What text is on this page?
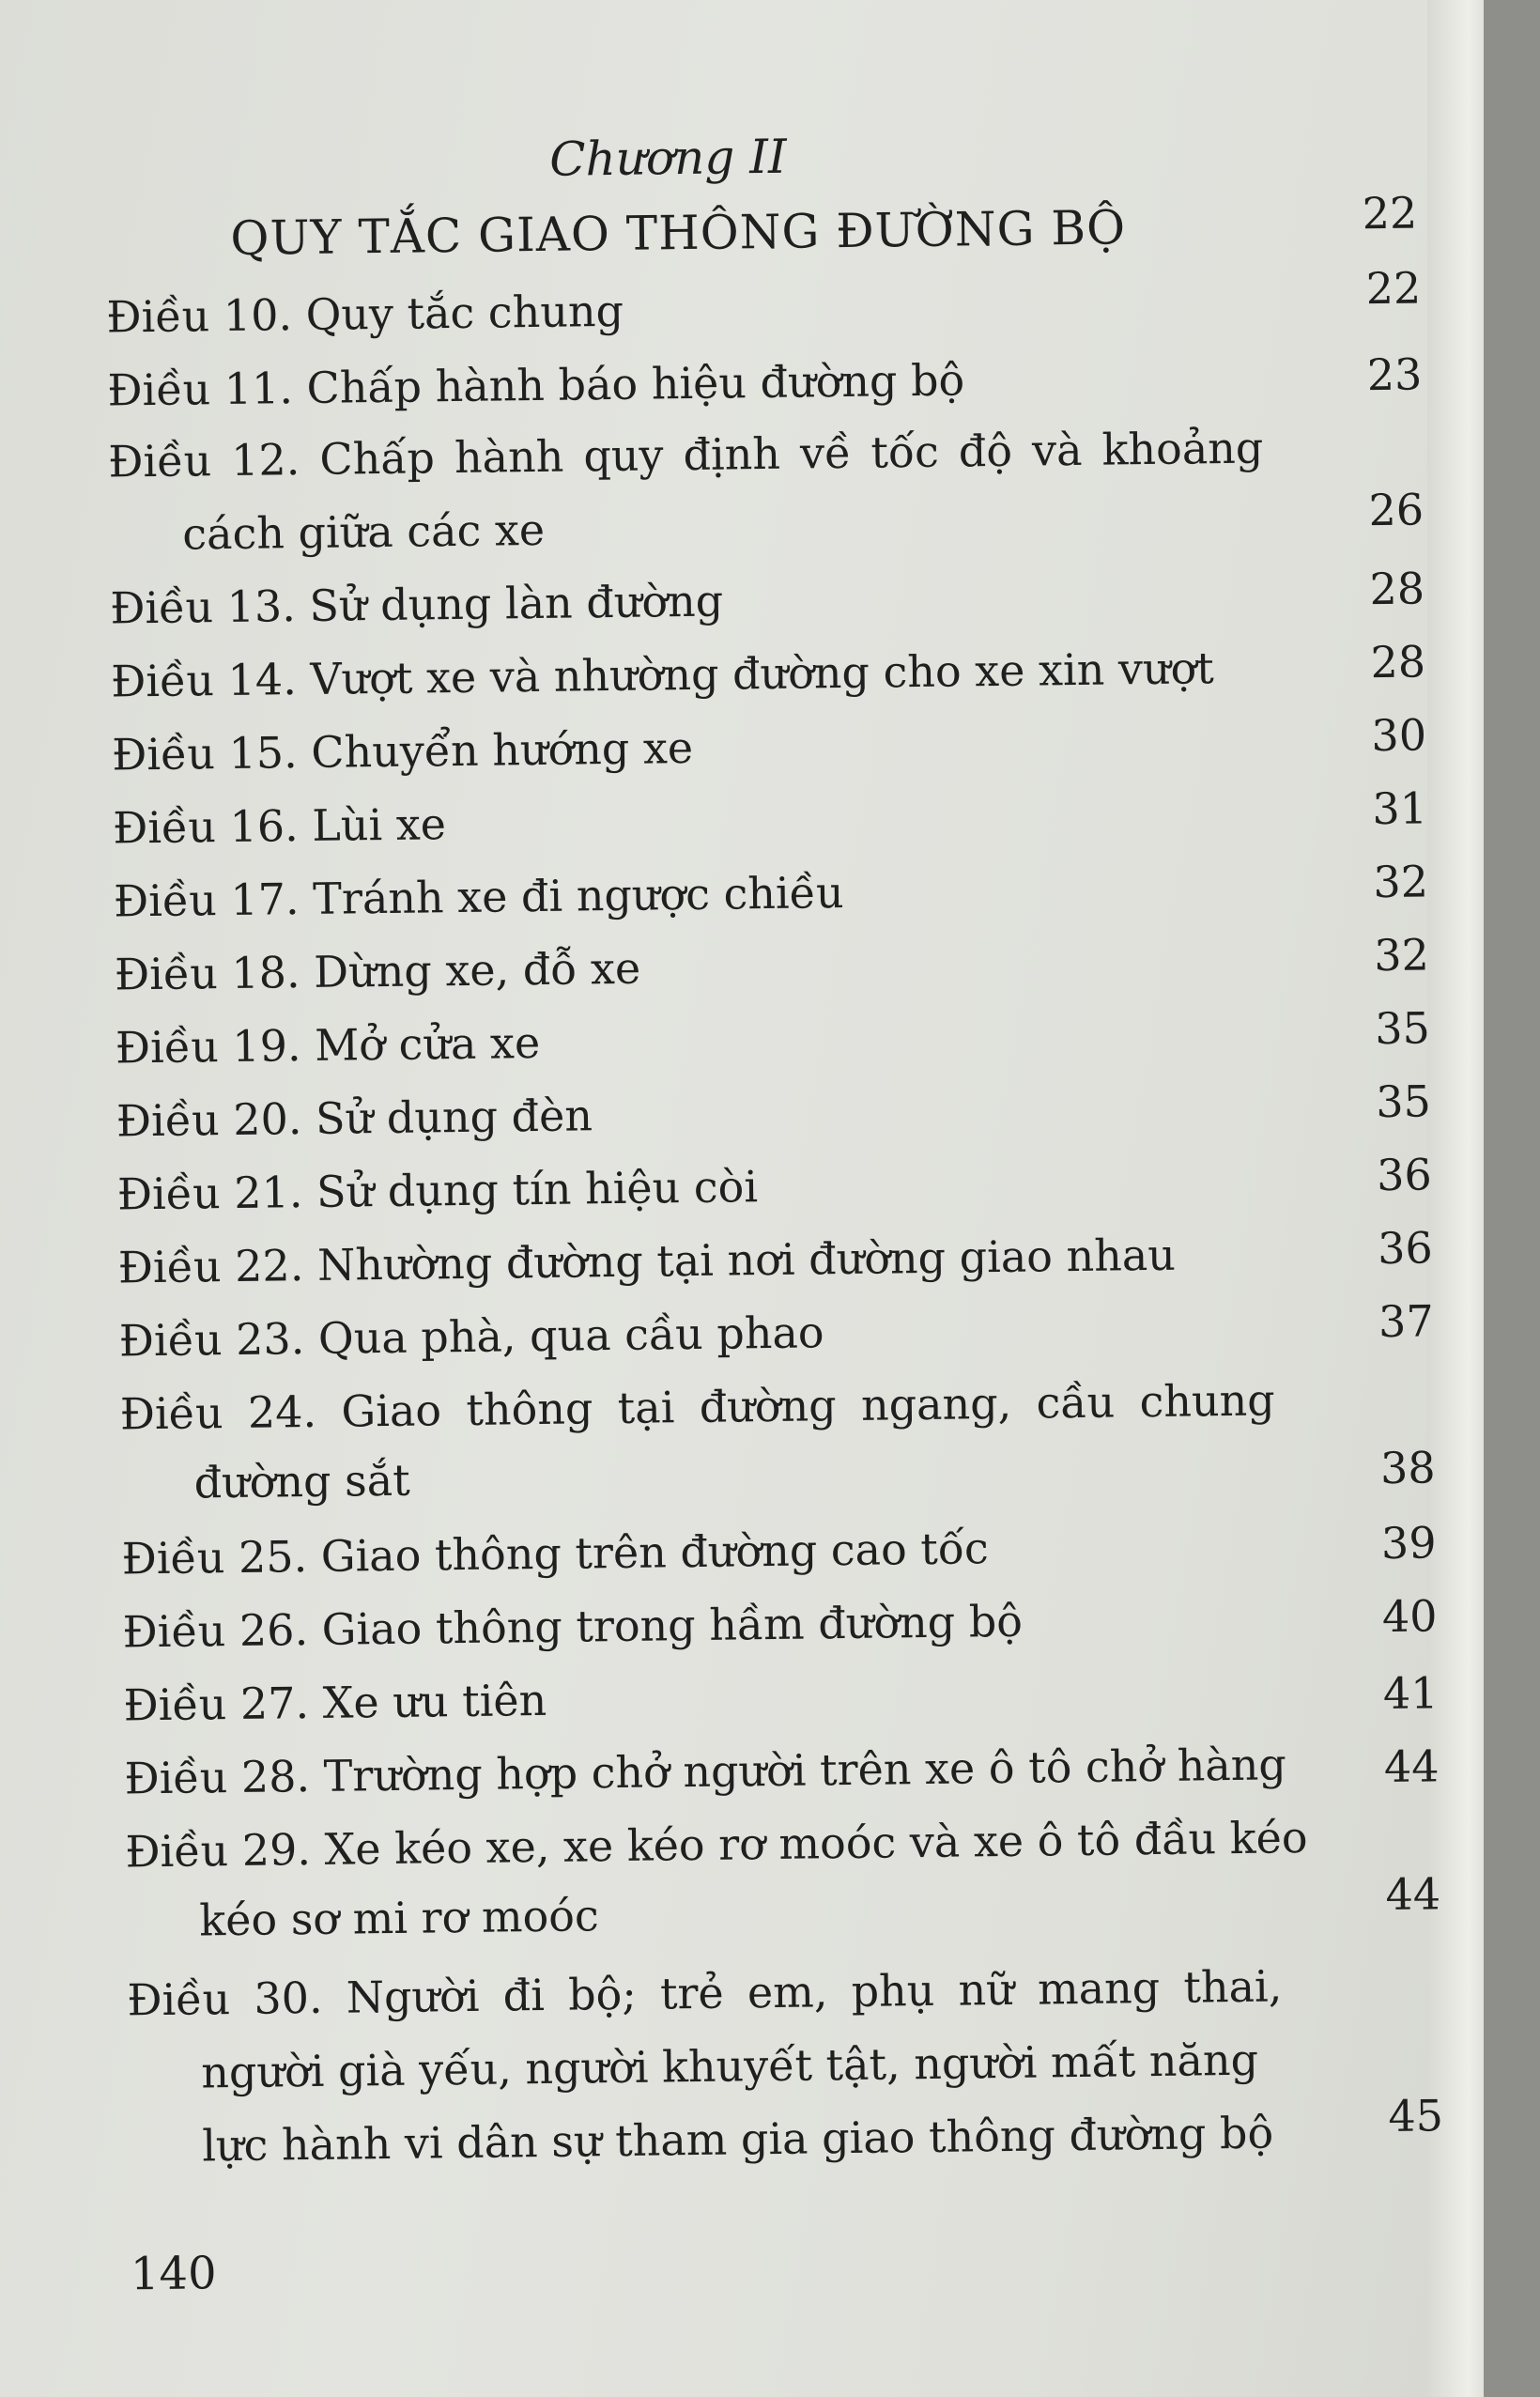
Chương II
QUY TẮC GIAO THÔNG ĐƯỜNG BỘ	22
Điều 10. Quy tắc chung	22
Điều 11. Chấp hành báo hiệu đường bộ	23
Điều 12. Chấp hành quy định về tốc độ và khoảng
cách giữa các xe	26
Điều 13. Sử dụng làn đường	28
Điều 14. Vượt xe và nhường đường cho xe xin vượt	28
Điều 15. Chuyển hướng xe	30
Điều 16. Lùi xe	31
Điều 17. Tránh xe đi ngược chiều	32
Điều 18. Dừng xe, đỗ xe	32
Điều 19. Mở cửa xe	35
Điều 20. Sử dụng đèn	35
Điều 21. Sử dụng tín hiệu còi	36
Điều 22. Nhường đường tại nơi đường giao nhau	36
Điều 23. Qua phà, qua cầu phao	37
Điều 24. Giao thông tại đường ngang, cầu chung
đường sắt	38
Điều 25. Giao thông trên đường cao tốc	39
Điều 26. Giao thông trong hầm đường bộ	40
Điều 27. Xe ưu tiên	41
Điều 28. Trường hợp chở người trên xe ô tô chở hàng	44
Điều 29. Xe kéo xe, xe kéo rơ moóc và xe ô tô đầu kéo
kéo sơ mi rơ moóc	44
Điều 30. Người đi bộ; trẻ em, phụ nữ mang thai,
người già yếu, người khuyết tật, người mất năng
lực hành vi dân sự tham gia giao thông đường bộ	45
140
